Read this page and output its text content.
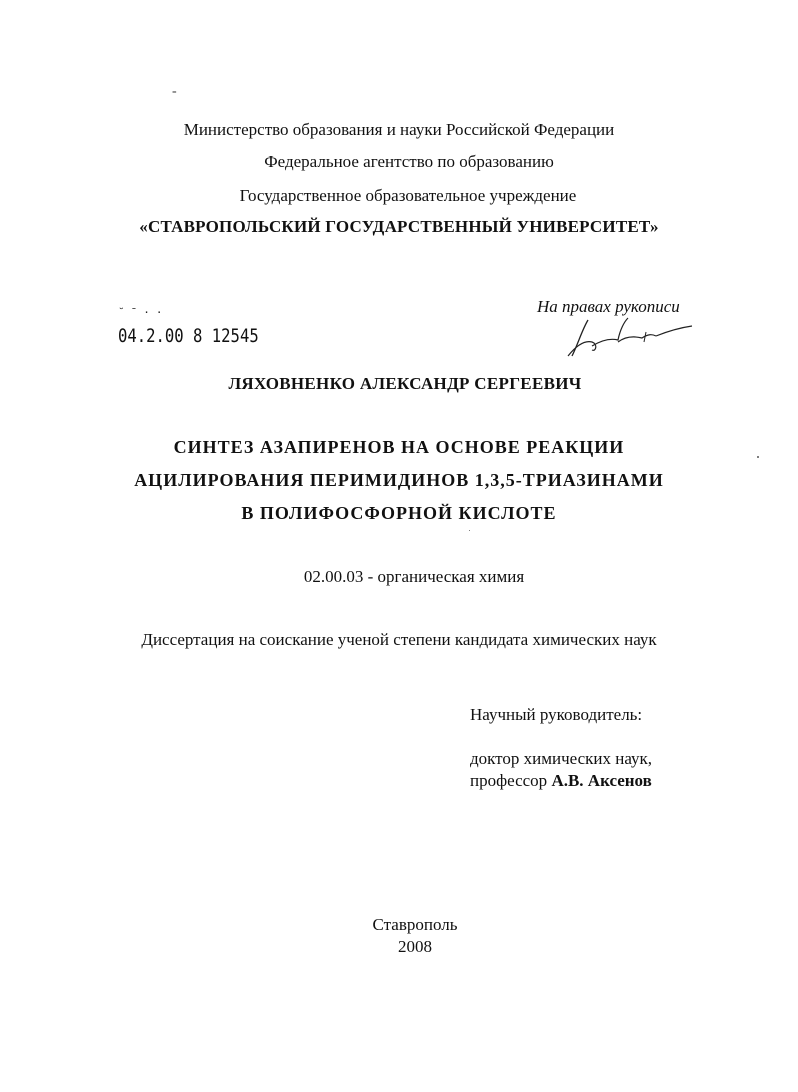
-
Министерство образования и науки Российской Федерации
Федеральное агентство по образованию
Государственное образовательное учреждение
«СТАВРОПОЛЬСКИЙ ГОСУДАРСТВЕННЫЙ УНИВЕРСИТЕТ»
На правах рукописи
˘ˉ··
04.2.00 8 12545
ЛЯХОВНЕНКО АЛЕКСАНДР СЕРГЕЕВИЧ
СИНТЕЗ АЗАПИРЕНОВ НА ОСНОВЕ РЕАКЦИИ
АЦИЛИРОВАНИЯ ПЕРИМИДИНОВ 1,3,5-ТРИАЗИНАМИ
В ПОЛИФОСФОРНОЙ КИСЛОТЕ
02.00.03 - органическая химия
Диссертация на соискание ученой степени кандидата химических наук
Научный руководитель:
доктор химических наук,
профессор А.В. Аксенов
Ставрополь
2008
